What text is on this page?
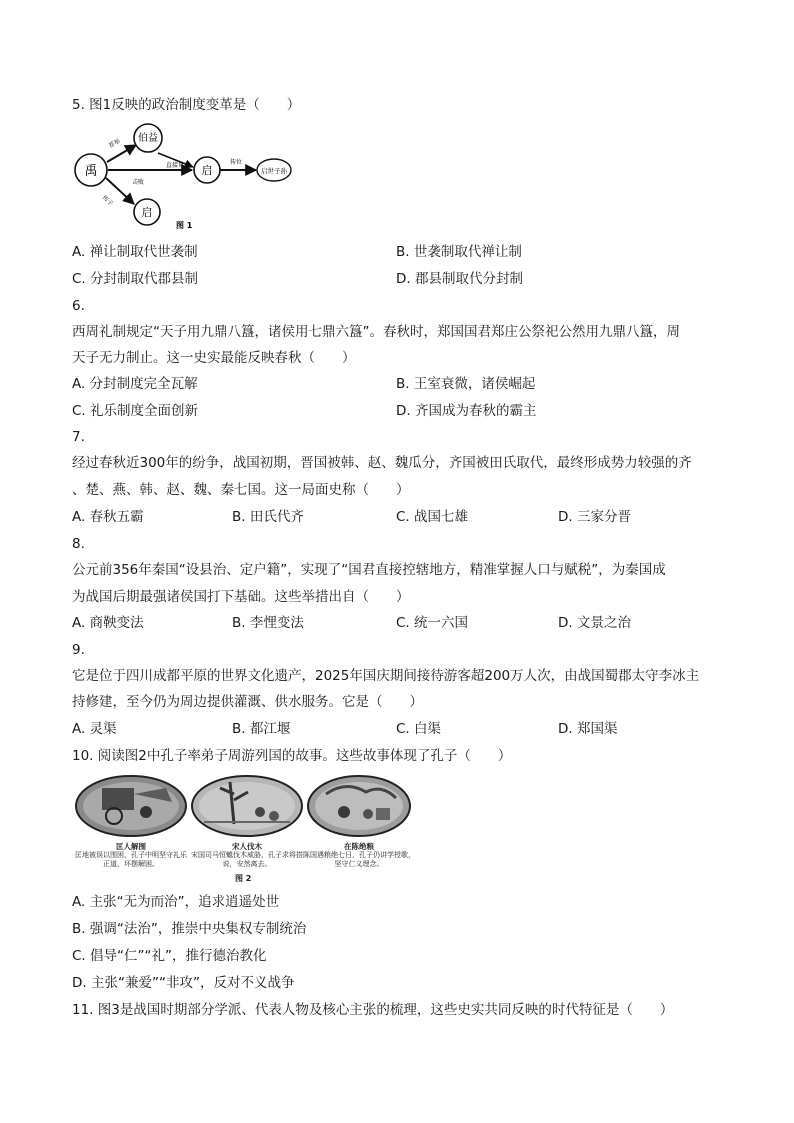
5. 图1反映的政治制度变革是（　　）
禹
伯益
启
启
启世子孙
荐举
直接世袭
击败
传位
传子
图 1
A. 禅让制取代世袭制	B. 世袭制取代禅让制
C. 分封制取代郡县制	D. 郡县制取代分封制
6.
西周礼制规定“天子用九鼎八簋，诸侯用七鼎六簋”。春秋时，郑国国君郑庄公祭祀公然用九鼎八簋，周
天子无力制止。这一史实最能反映春秋（　　）
A. 分封制度完全瓦解	B. 王室衰微，诸侯崛起
C. 礼乐制度全面创新	D. 齐国成为春秋的霸主
7.
经过春秋近300年的纷争，战国初期，晋国被韩、赵、魏瓜分，齐国被田氏取代，最终形成势力较强的齐
、楚、燕、韩、赵、魏、秦七国。这一局面史称（　　）
A. 春秋五霸	B. 田氏代齐	C. 战国七雄	D. 三家分晋
8.
公元前356年秦国“设县治、定户籍”，实现了“国君直接控辖地方，精准掌握人口与赋税”，为秦国成
为战国后期最强诸侯国打下基础。这些举措出自（　　）
A. 商鞅变法	B. 李悝变法	C. 统一六国	D. 文景之治
9.
它是位于四川成都平原的世界文化遗产，2025年国庆期间接待游客超200万人次，由战国蜀郡太守李冰主
持修建，至今仍为周边提供灌溉、供水服务。它是（　　）
A. 灵渠	B. 都江堰	C. 白渠	D. 郑国渠
10. 阅读图2中孔子率弟子周游列国的故事。这些故事体现了孔子（　　）
匡人解围
匡地被误以围困，孔子中明坚守礼乐正道，坏摆解困。
宋人伐木
宋国司马恒魋伐木威胁，孔子求将搭说，安然离去。
在陈绝粮
陈国遇粮绝七日，孔子仍讲学授歌，坚守仁义理念。
图 2
A. 主张“无为而治”，追求逍遥处世
B. 强调“法治”，推崇中央集权专制统治
C. 倡导“仁”“礼”，推行德治教化
D. 主张“兼爱”“非攻”，反对不义战争
11. 图3是战国时期部分学派、代表人物及核心主张的梳理，这些史实共同反映的时代特征是（　　）
